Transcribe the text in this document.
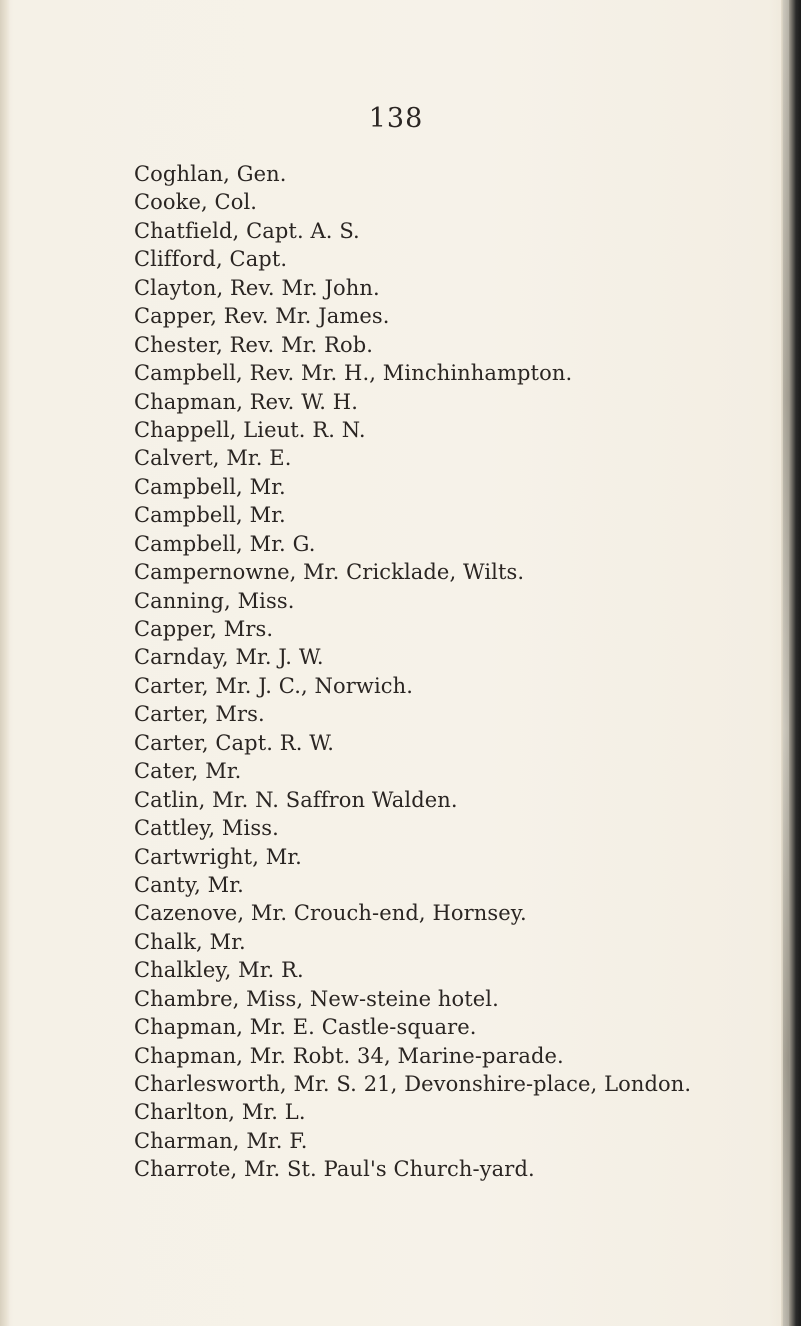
138
Coghlan, Gen.
Cooke, Col.
Chatfield, Capt. A. S.
Clifford, Capt.
Clayton, Rev. Mr. John.
Capper, Rev. Mr. James.
Chester, Rev. Mr. Rob.
Campbell, Rev. Mr. H., Minchinhampton.
Chapman, Rev. W. H.
Chappell, Lieut. R. N.
Calvert, Mr. E.
Campbell, Mr.
Campbell, Mr.
Campbell, Mr. G.
Campernowne, Mr. Cricklade, Wilts.
Canning, Miss.
Capper, Mrs.
Carnday, Mr. J. W.
Carter, Mr. J. C., Norwich.
Carter, Mrs.
Carter, Capt. R. W.
Cater, Mr.
Catlin, Mr. N. Saffron Walden.
Cattley, Miss.
Cartwright, Mr.
Canty, Mr.
Cazenove, Mr. Crouch-end, Hornsey.
Chalk, Mr.
Chalkley, Mr. R.
Chambre, Miss, New-steine hotel.
Chapman, Mr. E. Castle-square.
Chapman, Mr. Robt. 34, Marine-parade.
Charlesworth, Mr. S. 21, Devonshire-place, London.
Charlton, Mr. L.
Charman, Mr. F.
Charrote, Mr. St. Paul's Church-yard.
